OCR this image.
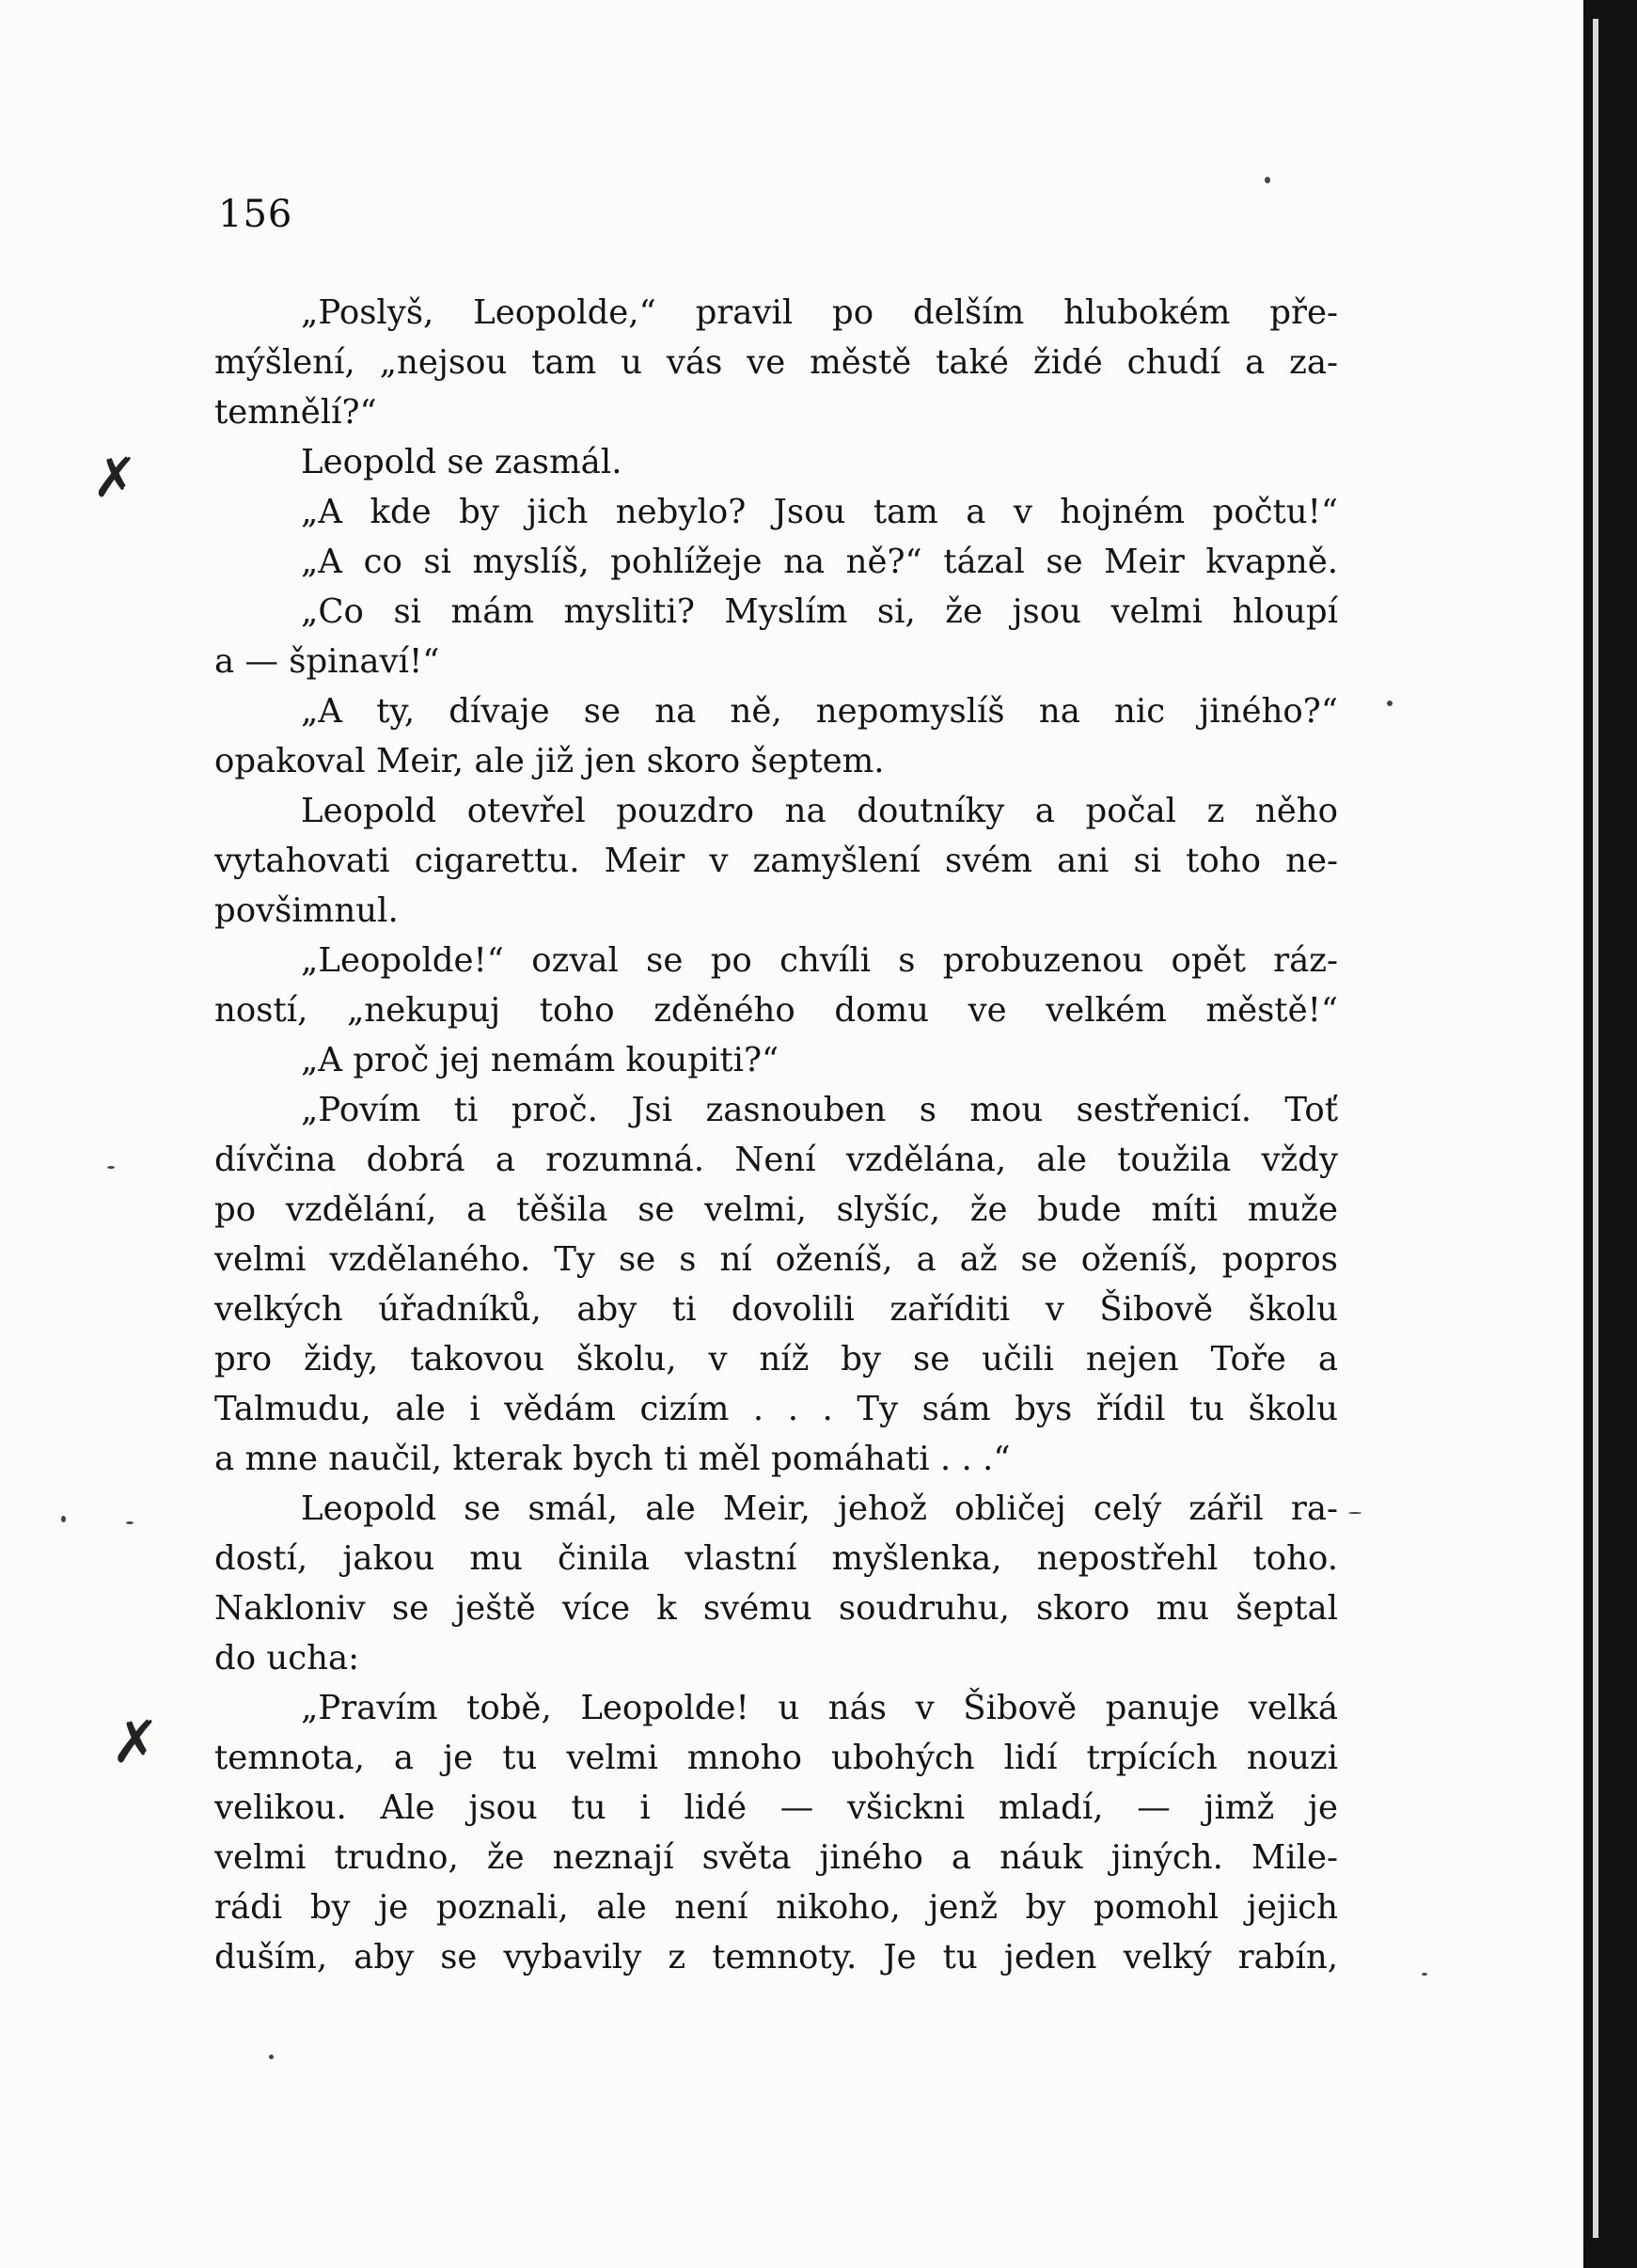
156
„Poslyš, Leopolde,“ pravil po delším hlubokém pře-
mýšlení, „nejsou tam u vás ve městě také židé chudí a za-
temnělí?“
Leopold se zasmál.
„A kde by jich nebylo? Jsou tam a v hojném počtu!“
„A co si myslíš, pohlížeje na ně?“ tázal se Meir kvapně.
„Co si mám mysliti? Myslím si, že jsou velmi hloupí
a — špinaví!“
„A ty, dívaje se na ně, nepomyslíš na nic jiného?“
opakoval Meir, ale již jen skoro šeptem.
Leopold otevřel pouzdro na doutníky a počal z něho
vytahovati cigarettu. Meir v zamyšlení svém ani si toho ne-
povšimnul.
„Leopolde!“ ozval se po chvíli s probuzenou opět ráz-
ností, „nekupuj toho zděného domu ve velkém městě!“
„A proč jej nemám koupiti?“
„Povím ti proč. Jsi zasnouben s mou sestřenicí. Toť
dívčina dobrá a rozumná. Není vzdělána, ale toužila vždy
po vzdělání, a těšila se velmi, slyšíc, že bude míti muže
velmi vzdělaného. Ty se s ní oženíš, a až se oženíš, popros
velkých úřadníků, aby ti dovolili zaříditi v Šibově školu
pro židy, takovou školu, v níž by se učili nejen Toře a
Talmudu, ale i vědám cizím . . . Ty sám bys řídil tu školu
a mne naučil, kterak bych ti měl pomáhati . . .“
Leopold se smál, ale Meir, jehož obličej celý zářil ra-
dostí, jakou mu činila vlastní myšlenka, nepostřehl toho.
Nakloniv se ještě více k svému soudruhu, skoro mu šeptal
do ucha:
„Pravím tobě, Leopolde! u nás v Šibově panuje velká
temnota, a je tu velmi mnoho ubohých lidí trpících nouzi
velikou. Ale jsou tu i lidé — všickni mladí, — jimž je
velmi trudno, že neznají světa jiného a náuk jiných. Mile-
rádi by je poznali, ale není nikoho, jenž by pomohl jejich
duším, aby se vybavily z temnoty. Je tu jeden velký rabín,
✗
✗
